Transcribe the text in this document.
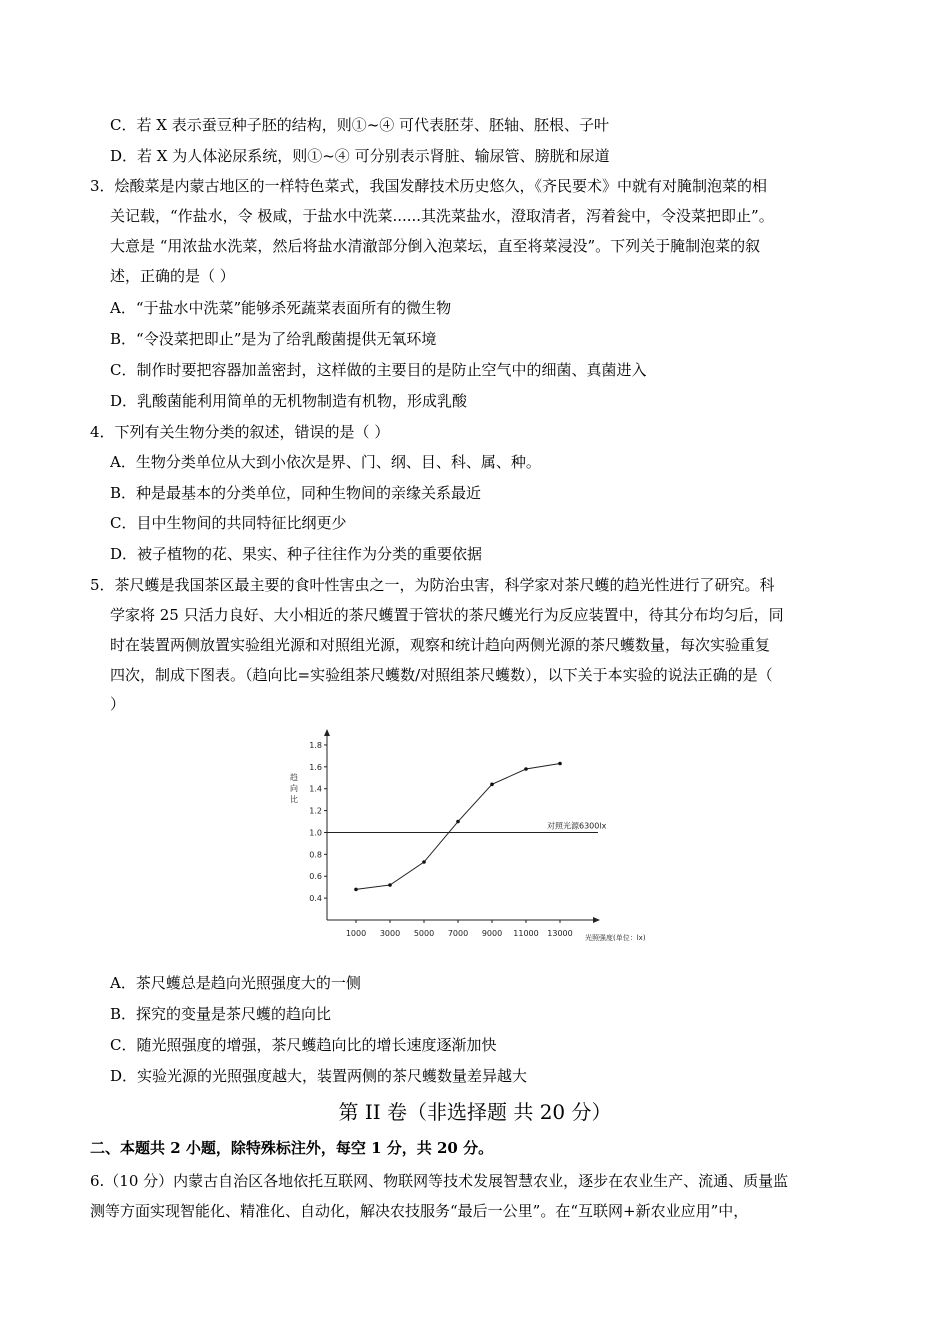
C．若 X 表示蚕豆种子胚的结构，则①~④ 可代表胚芽、胚轴、胚根、子叶
D．若 X 为人体泌尿系统，则①~④ 可分别表示肾脏、输尿管、膀胱和尿道
3．烩酸菜是内蒙古地区的一样特色菜式，我国发酵技术历史悠久，《齐民要术》中就有对腌制泡菜的相
关记载，“作盐水，令 极咸，于盐水中洗菜......其洗菜盐水，澄取清者，泻着瓮中，令没菜把即止”。
大意是 “用浓盐水洗菜，然后将盐水清澈部分倒入泡菜坛，直至将菜浸没”。下列关于腌制泡菜的叙
述，正确的是（ ）
A．“于盐水中洗菜”能够杀死蔬菜表面所有的微生物
B．“令没菜把即止”是为了给乳酸菌提供无氧环境
C．制作时要把容器加盖密封，这样做的主要目的是防止空气中的细菌、真菌进入
D．乳酸菌能利用简单的无机物制造有机物，形成乳酸
4．下列有关生物分类的叙述，错误的是（ ）
A．生物分类单位从大到小依次是界、门、纲、目、科、属、种。
B．种是最基本的分类单位，同种生物间的亲缘关系最近
C．目中生物间的共同特征比纲更少
D．被子植物的花、果实、种子往往作为分类的重要依据
5．茶尺蠖是我国茶区最主要的食叶性害虫之一，为防治虫害，科学家对茶尺蠖的趋光性进行了研究。科
学家将 25 只活力良好、大小相近的茶尺蠖置于管状的茶尺蠖光行为反应装置中，待其分布均匀后，同
时在装置两侧放置实验组光源和对照组光源，观察和统计趋向两侧光源的茶尺蠖数量，每次实验重复
四次，制成下图表。（趋向比=实验组茶尺蠖数/对照组茶尺蠖数），以下关于本实验的说法正确的是（
）
A．茶尺蠖总是趋向光照强度大的一侧
B．探究的变量是茶尺蠖的趋向比
C．随光照强度的增强，茶尺蠖趋向比的增长速度逐渐加快
D．实验光源的光照强度越大，装置两侧的茶尺蠖数量差异越大
二、本题共 2 小题，除特殊标注外，每空 1 分，共 20 分。
6.（10 分）内蒙古自治区各地依托互联网、物联网等技术发展智慧农业，逐步在农业生产、流通、质量监
测等方面实现智能化、精准化、自动化，解决农技服务“最后一公里”。在“互联网+新农业应用”中，
第 II 卷（非选择题 共 20 分）
0.4
0.6
0.8
1.0
1.2
1.4
1.6
1.8
1000 3000 5000 7000 9000 11000 13000
趋
向
比
光照强度(单位：lx)
对照光源6300lx
